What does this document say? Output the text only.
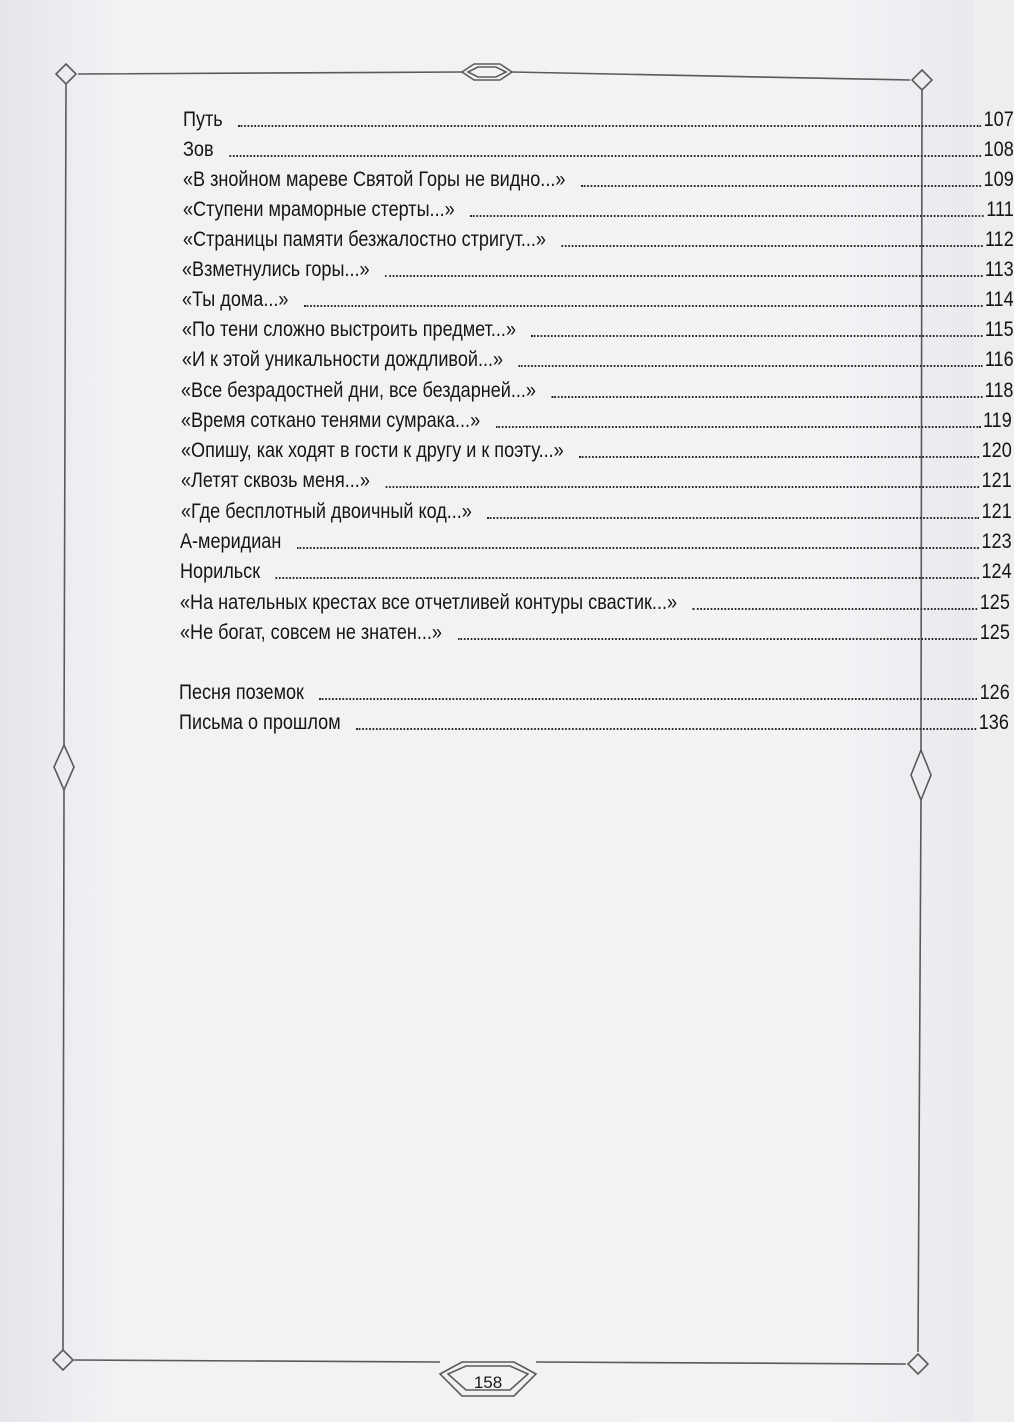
Путь	107
Зов	108
«В знойном мареве Святой Горы не видно...»	109
«Ступени мраморные стерты...»	111
«Страницы памяти безжалостно стригут...»	112
«Взметнулись горы...»	113
«Ты дома...»	114
«По тени сложно выстроить предмет...»	115
«И к этой уникальности дождливой...»	116
«Все безрадостней дни, все бездарней...»	118
«Время соткано тенями сумрака...»	119
«Опишу, как ходят в гости к другу и к поэту...»	120
«Летят сквозь меня...»	121
«Где бесплотный двоичный код...»	121
А-меридиан	123
Норильск	124
«На нательных крестах все отчетливей контуры свастик...»	125
«Не богат, совсем не знатен...»	125
Песня поземок	126
Письма о прошлом	136
158
